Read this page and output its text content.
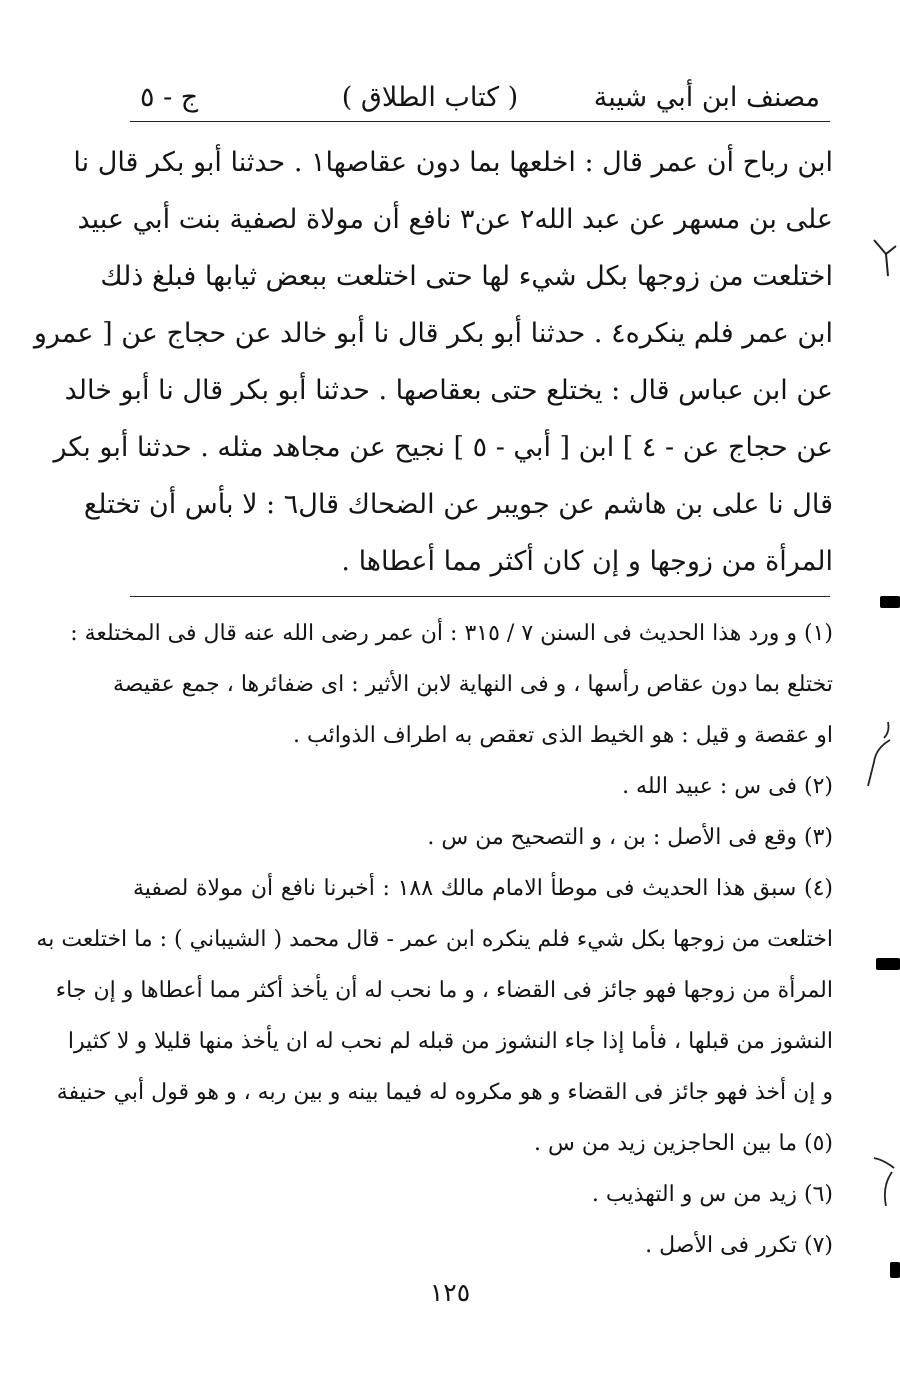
مصنف ابن أبي شيبة
( كتاب الطلاق )
ج - ٥
ابن رباح أن عمر قال : اخلعها بما دون عقاصها١ . حدثنا أبو بكر قال نا
على بن مسهر عن عبد الله٢ عن٣ نافع أن مولاة لصفية بنت أبي عبيد
اختلعت من زوجها بكل شيء لها حتى اختلعت ببعض ثيابها فبلغ ذلك
ابن عمر فلم ينكره٤ . حدثنا أبو بكر قال نا أبو خالد عن حجاج عن [ عمرو
عن ابن عباس قال : يختلع حتى بعقاصها . حدثنا أبو بكر قال نا أبو خالد
عن حجاج عن - ٤ ] ابن [ أبي - ٥ ] نجيح عن مجاهد مثله . حدثنا أبو بكر
قال نا على بن هاشم عن جويبر عن الضحاك قال٦ : لا بأس أن تختلع
المرأة من زوجها و إن كان أكثر مما أعطاها .
(١) و ورد هذا الحديث فى السنن ٧ / ٣١٥ : أن عمر رضى الله عنه قال فى المختلعة :
تختلع بما دون عقاص رأسها ، و فى النهاية لابن الأثير : اى ضفائرها ، جمع عقيصة
او عقصة و قيل : هو الخيط الذى تعقص به اطراف الذوائب .
(٢) فى س : عبيد الله .
(٣) وقع فى الأصل : بن ، و التصحيح من س .
(٤) سبق هذا الحديث فى موطأ الامام مالك ١٨٨ : أخبرنا نافع أن مولاة لصفية
اختلعت من زوجها بكل شيء فلم ينكره ابن عمر - قال محمد ( الشيباني ) : ما اختلعت به
المرأة من زوجها فهو جائز فى القضاء ، و ما نحب له أن يأخذ أكثر مما أعطاها و إن جاء
النشوز من قبلها ، فأما إذا جاء النشوز من قبله لم نحب له ان يأخذ منها قليلا و لا كثيرا
و إن أخذ فهو جائز فى القضاء و هو مكروه له فيما بينه و بين ربه ، و هو قول أبي حنيفة
(٥) ما بين الحاجزين زيد من س .
(٦) زيد من س و التهذيب .
(٧) تكرر فى الأصل .
١٢٥
